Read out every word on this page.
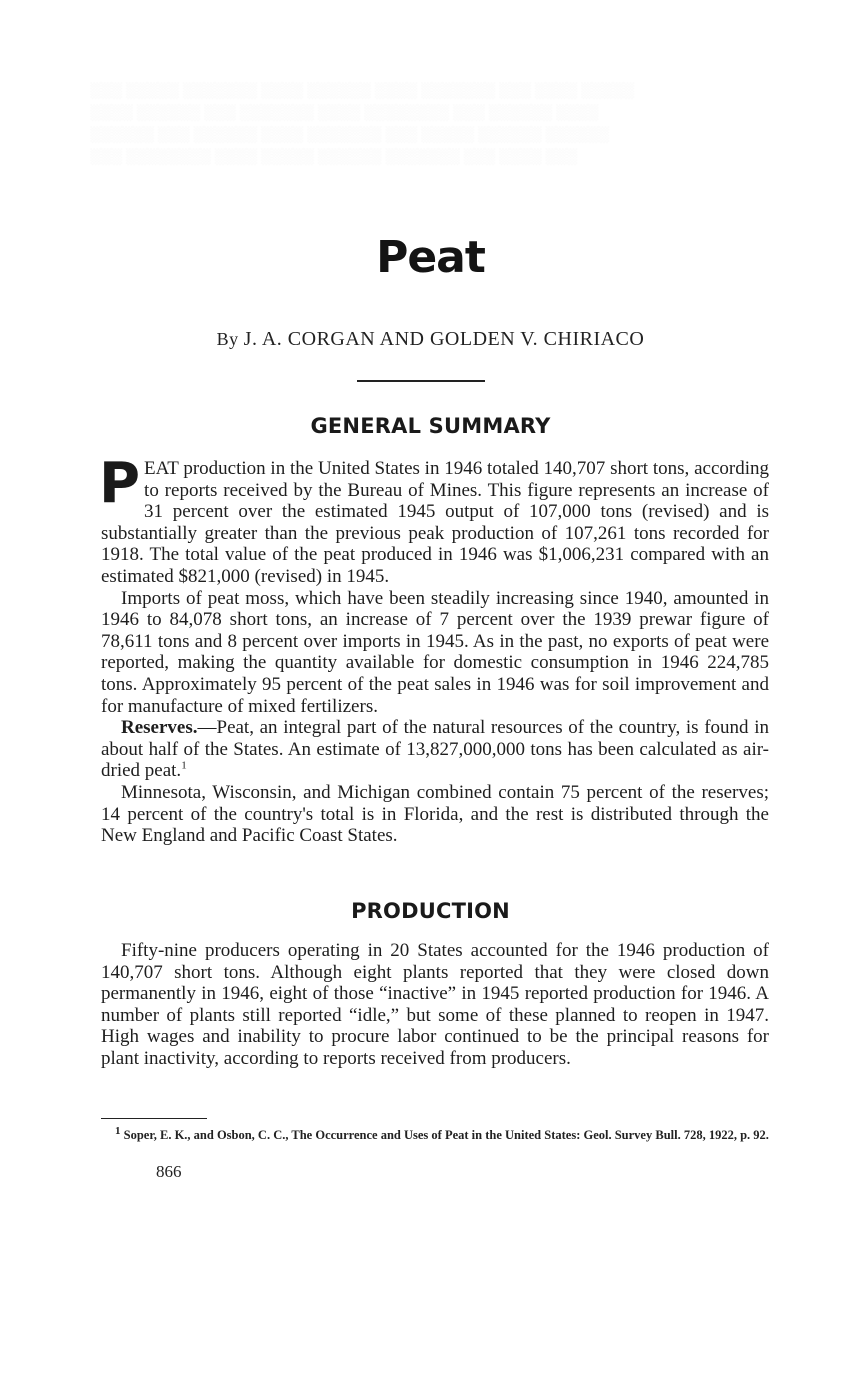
░░░ ░░░░░ ░░░░░░░ ░░░░ ░░░░░░ ░░░░ ░░░░░░░ ░░░ ░░░░ ░░░░░
░░░░ ░░░░░░ ░░░ ░░░░░░░ ░░░░ ░░░░░░░░ ░░░ ░░░░░░ ░░░░
░░░░░░ ░░░ ░░░░░░ ░░░░ ░░░░░░░ ░░░ ░░░░░ ░░░░░░ ░░░░░░
░░░ ░░░░░░░░ ░░░░ ░░░░░ ░░░░░░ ░░░░░░░ ░░░ ░░░░ ░░░
Peat
By J. A. CORGAN AND GOLDEN V. CHIRIACO
GENERAL SUMMARY

PEAT production in the United States in 1946 totaled 140,707 short tons, according to reports received by the Bureau of Mines. This figure represents an increase of 31 percent over the estimated 1945 output of 107,000 tons (revised) and is substantially greater than the previous peak production of 107,261 tons recorded for 1918. The total value of the peat produced in 1946 was $1,006,231 compared with an estimated $821,000 (revised) in 1945.

Imports of peat moss, which have been steadily increasing since 1940, amounted in 1946 to 84,078 short tons, an increase of 7 percent over the 1939 prewar figure of 78,611 tons and 8 percent over imports in 1945. As in the past, no exports of peat were reported, making the quantity available for domestic consumption in 1946 224,785 tons. Approximately 95 percent of the peat sales in 1946 was for soil improvement and for manufacture of mixed fertilizers.

Reserves.—Peat, an integral part of the natural resources of the country, is found in about half of the States. An estimate of 13,827,000,000 tons has been calculated as air-dried peat.$^1$

Minnesota, Wisconsin, and Michigan combined contain 75 percent of the reserves; 14 percent of the country's total is in Florida, and the rest is distributed through the New England and Pacific Coast States.

PRODUCTION

Fifty-nine producers operating in 20 States accounted for the 1946 production of 140,707 short tons. Although eight plants reported that they were closed down permanently in 1946, eight of those “inactive” in 1945 reported production for 1946. A number of plants still reported “idle,” but some of these planned to reopen in 1947. High wages and inability to procure labor continued to be the principal reasons for plant inactivity, according to reports received from producers.

$^1$ Soper, E. K., and Osbon, C. C., The Occurrence and Uses of Peat in the United States: Geol. Survey Bull. 728, 1922, p. 92.
866
